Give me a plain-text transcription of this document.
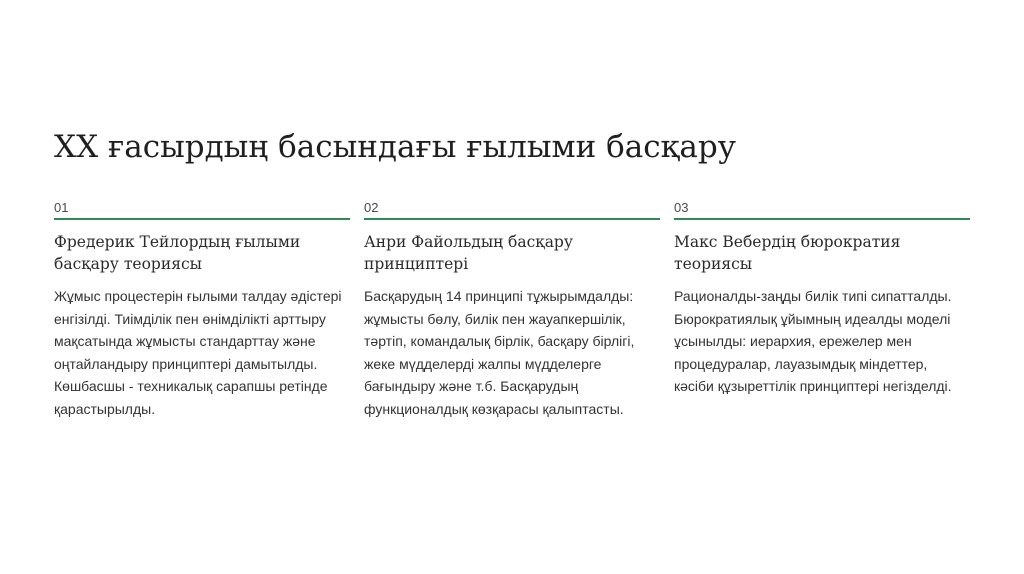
XX ғасырдың басындағы ғылыми басқару
01
Фредерик Тейлордың ғылыми басқару теориясы
Жұмыс процестерін ғылыми талдау әдістері енгізілді. Тиімділік пен өнімділікті арттыру мақсатында жұмысты стандарттау және оңтайландыру принциптері дамытылды. Көшбасшы - техникалық сарапшы ретінде қарастырылды.
02
Анри Файольдың басқару принциптері
Басқарудың 14 принципі тұжырымдалды: жұмысты бөлу, билік пен жауапкершілік, тәртіп, командалық бірлік, басқару бірлігі, жеке мүдделерді жалпы мүдделерге бағындыру және т.б. Басқарудың функционалдық көзқарасы қалыптасты.
03
Макс Вебердің бюрократия теориясы
Рационалды-заңды билік типі сипатталды. Бюрократиялық ұйымның идеалды моделі ұсынылды: иерархия, ережелер мен процедуралар, лауазымдық міндеттер, кәсіби құзыреттілік принциптері негізделді.
